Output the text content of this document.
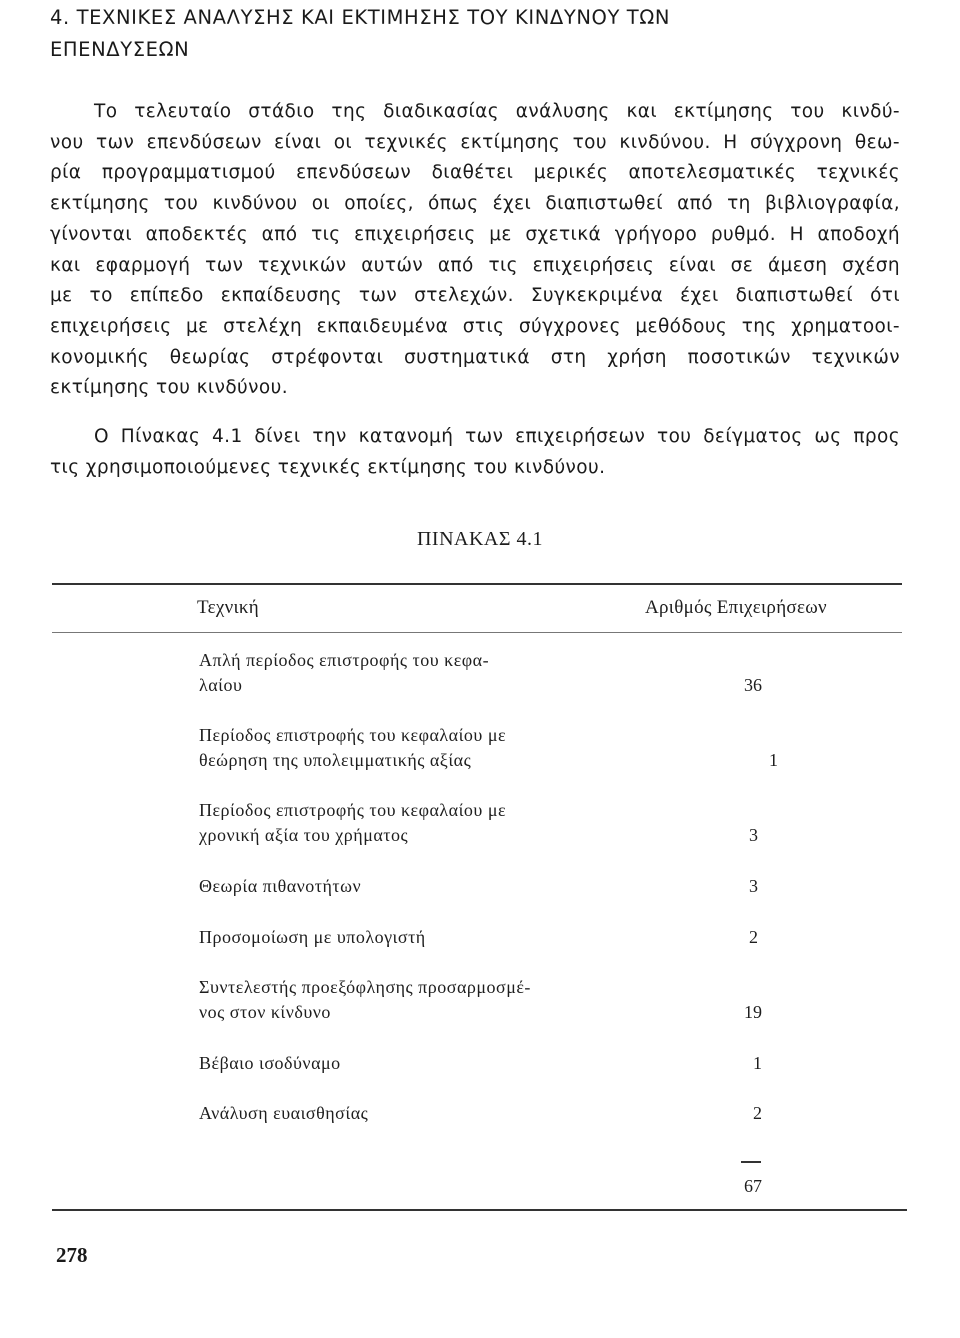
4. ΤΕΧΝΙΚΕΣ ΑΝΑΛΥΣΗΣ ΚΑΙ ΕΚΤΙΜΗΣΗΣ ΤΟΥ ΚΙΝΔΥΝΟΥ ΤΩΝ
ΕΠΕΝΔΥΣΕΩΝ
Το τελευταίο στάδιο της διαδικασίας ανάλυσης και εκτίμησης του κινδύ-
νου των επενδύσεων είναι οι τεχνικές εκτίμησης του κινδύνου. Η σύγχρονη θεω-
ρία προγραμματισμού επενδύσεων διαθέτει μερικές αποτελεσματικές τεχνικές
εκτίμησης του κινδύνου οι οποίες, όπως έχει διαπιστωθεί από τη βιβλιογραφία,
γίνονται αποδεκτές από τις επιχειρήσεις με σχετικά γρήγορο ρυθμό. Η αποδοχή
και εφαρμογή των τεχνικών αυτών από τις επιχειρήσεις είναι σε άμεση σχέση
με το επίπεδο εκπαίδευσης των στελεχών. Συγκεκριμένα έχει διαπιστωθεί ότι
επιχειρήσεις με στελέχη εκπαιδευμένα στις σύγχρονες μεθόδους της χρηματοοι-
κονομικής θεωρίας στρέφονται συστηματικά στη χρήση ποσοτικών τεχνικών
εκτίμησης του κινδύνου.
Ο Πίνακας 4.1 δίνει την κατανομή των επιχειρήσεων του δείγματος ως προς
τις χρησιμοποιούμενες τεχνικές εκτίμησης του κινδύνου.
ΠΙΝΑΚΑΣ 4.1
Τεχνική	Αριθμός Επιχειρήσεων
Απλή περίοδος επιστροφής του κεφα-
λαίου	36
Περίοδος επιστροφής του κεφαλαίου με
θεώρηση της υπολειμματικής αξίας	1
Περίοδος επιστροφής του κεφαλαίου με
χρονική αξία του χρήματος	3
Θεωρία πιθανοτήτων	3
Προσομοίωση με υπολογιστή	2
Συντελεστής προεξόφλησης προσαρμοσμέ-
νος στον κίνδυνο	19
Βέβαιο ισοδύναμο	1
Ανάλυση ευαισθησίας	2
67
278
